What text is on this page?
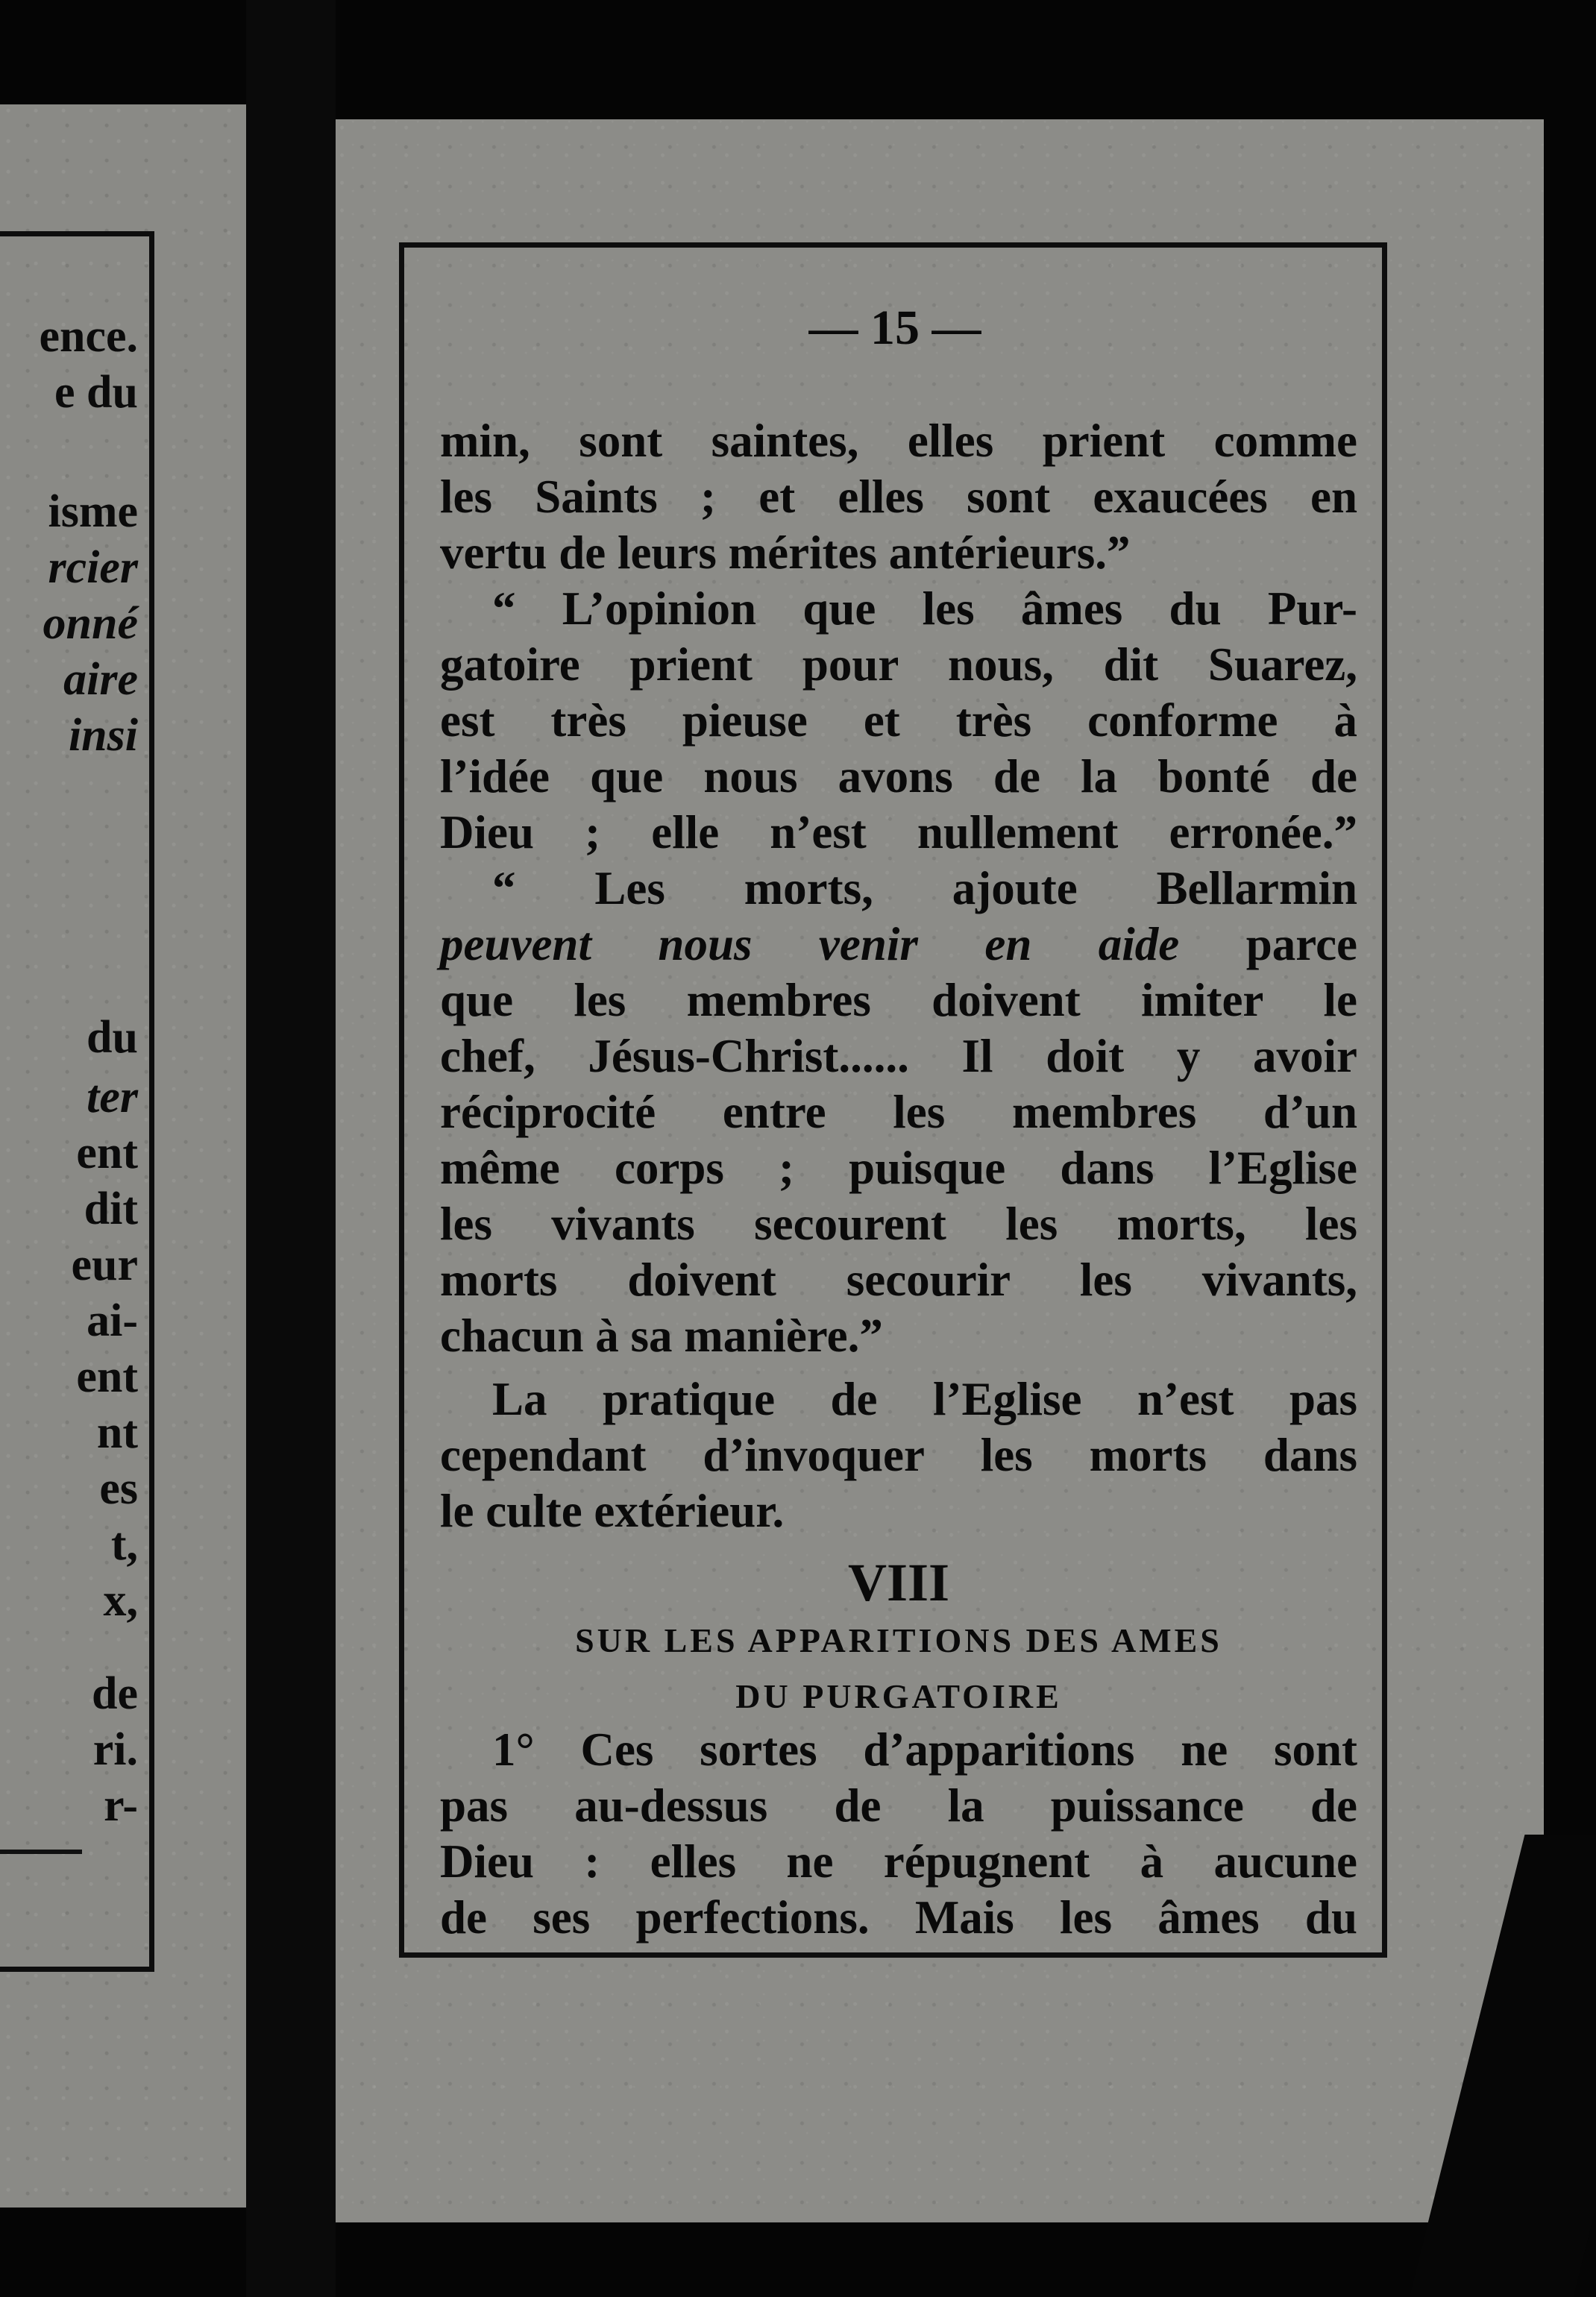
ence.
e du
isme
rcier
onné
aire
insi
du
ter
ent
dit
eur
ai-
ent
nt
es
t,
x,
de
ri.
r-
— 15 —
min, sont saintes, elles prient comme
les Saints ; et elles sont exaucées en
vertu de leurs mérites antérieurs.”
“ L’opinion que les âmes du Pur-
gatoire prient pour nous, dit Suarez,
est très pieuse et très conforme à
l’idée que nous avons de la bonté de
Dieu ; elle n’est nullement erronée.”
“ Les morts, ajoute Bellarmin
peuvent nous venir en aide parce
que les membres doivent imiter le
chef, Jésus-Christ...... Il doit y avoir
réciprocité entre les membres d’un
même corps ; puisque dans l’Eglise
les vivants secourent les morts, les
morts doivent secourir les vivants,
chacun à sa manière.”
La pratique de l’Eglise n’est pas
cependant d’invoquer les morts dans
le culte extérieur.
VIII
SUR LES APPARITIONS DES AMES
DU PURGATOIRE
1° Ces sortes d’apparitions ne sont
pas au-dessus de la puissance de
Dieu : elles ne répugnent à aucune
de ses perfections. Mais les âmes du
